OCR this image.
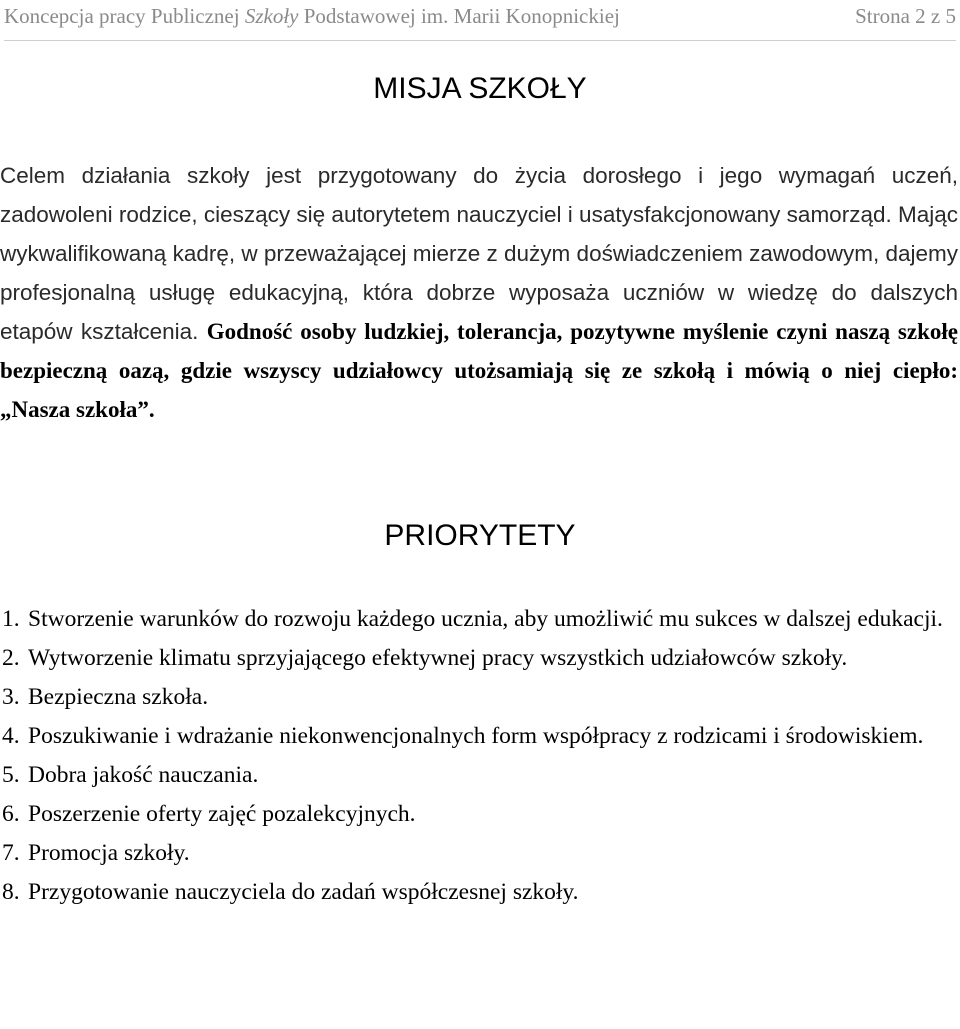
Koncepcja pracy Publicznej Szkoły Podstawowej im. Marii Konopnickiej	Strona 2 z 5
MISJA SZKOŁY
Celem działania szkoły jest przygotowany do życia dorosłego i jego wymagań uczeń, zadowoleni rodzice, cieszący się autorytetem nauczyciel i usatysfakcjonowany samorząd. Mając wykwalifikowaną kadrę, w przeważającej mierze z dużym doświadczeniem zawodowym, dajemy profesjonalną usługę edukacyjną, która dobrze wyposaża uczniów w wiedzę do dalszych etapów kształcenia. Godność osoby ludzkiej, tolerancja, pozytywne myślenie czyni naszą szkołę bezpieczną oazą, gdzie wszyscy udziałowcy utożsamiają się ze szkołą i mówią o niej ciepło: „Nasza szkoła”.
PRIORYTETY
1. Stworzenie warunków do rozwoju każdego ucznia, aby umożliwić mu sukces w dalszej edukacji.
2. Wytworzenie klimatu sprzyjającego efektywnej pracy wszystkich udziałowców szkoły.
3. Bezpieczna szkoła.
4. Poszukiwanie i wdrażanie niekonwencjonalnych form współpracy z rodzicami i środowiskiem.
5. Dobra jakość nauczania.
6. Poszerzenie oferty zajęć pozalekcyjnych.
7. Promocja szkoły.
8. Przygotowanie nauczyciela do zadań współczesnej szkoły.
